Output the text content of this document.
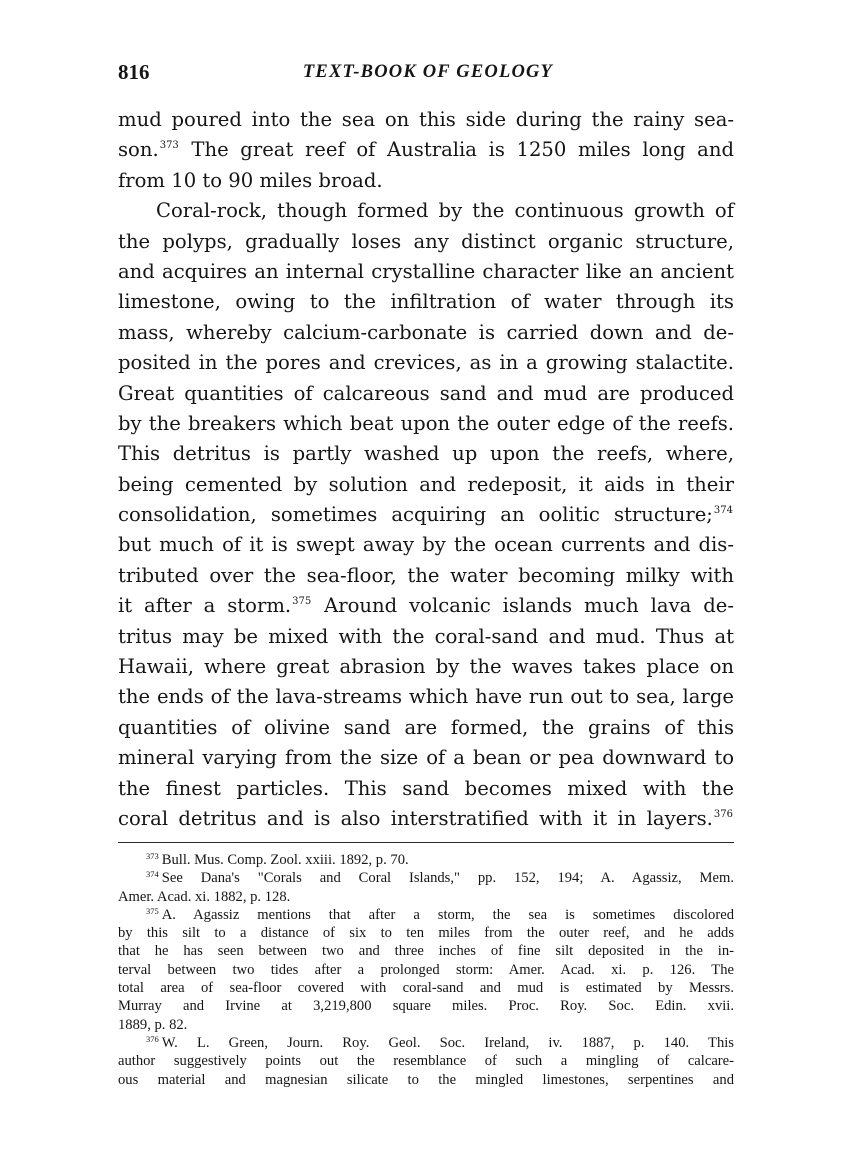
816	TEXT-BOOK OF GEOLOGY
mud poured into the sea on this side during the rainy sea-
son.$^{373}$ The great reef of Australia is 1250 miles long and
from 10 to 90 miles broad.
Coral-rock, though formed by the continuous growth of
the polyps, gradually loses any distinct organic structure,
and acquires an internal crystalline character like an ancient
limestone, owing to the infiltration of water through its
mass, whereby calcium-carbonate is carried down and de-
posited in the pores and crevices, as in a growing stalactite.
Great quantities of calcareous sand and mud are produced
by the breakers which beat upon the outer edge of the reefs.
This detritus is partly washed up upon the reefs, where,
being cemented by solution and redeposit, it aids in their
consolidation, sometimes acquiring an oolitic structure;$^{374}$
but much of it is swept away by the ocean currents and dis-
tributed over the sea-floor, the water becoming milky with
it after a storm.$^{375}$ Around volcanic islands much lava de-
tritus may be mixed with the coral-sand and mud. Thus at
Hawaii, where great abrasion by the waves takes place on
the ends of the lava-streams which have run out to sea, large
quantities of olivine sand are formed, the grains of this
mineral varying from the size of a bean or pea downward to
the finest particles. This sand becomes mixed with the
coral detritus and is also interstratified with it in layers.$^{376}$
$^{373}$ Bull. Mus. Comp. Zool. xxiii. 1892, p. 70.
$^{374}$ See Dana's "Corals and Coral Islands," pp. 152, 194; A. Agassiz, Mem.
Amer. Acad. xi. 1882, p. 128.
$^{375}$ A. Agassiz mentions that after a storm, the sea is sometimes discolored
by this silt to a distance of six to ten miles from the outer reef, and he adds
that he has seen between two and three inches of fine silt deposited in the in-
terval between two tides after a prolonged storm: Amer. Acad. xi. p. 126. The
total area of sea-floor covered with coral-sand and mud is estimated by Messrs.
Murray and Irvine at 3,219,800 square miles. Proc. Roy. Soc. Edin. xvii.
1889, p. 82.
$^{376}$ W. L. Green, Journ. Roy. Geol. Soc. Ireland, iv. 1887, p. 140. This
author suggestively points out the resemblance of such a mingling of calcare-
ous material and magnesian silicate to the mingled limestones, serpentines and
